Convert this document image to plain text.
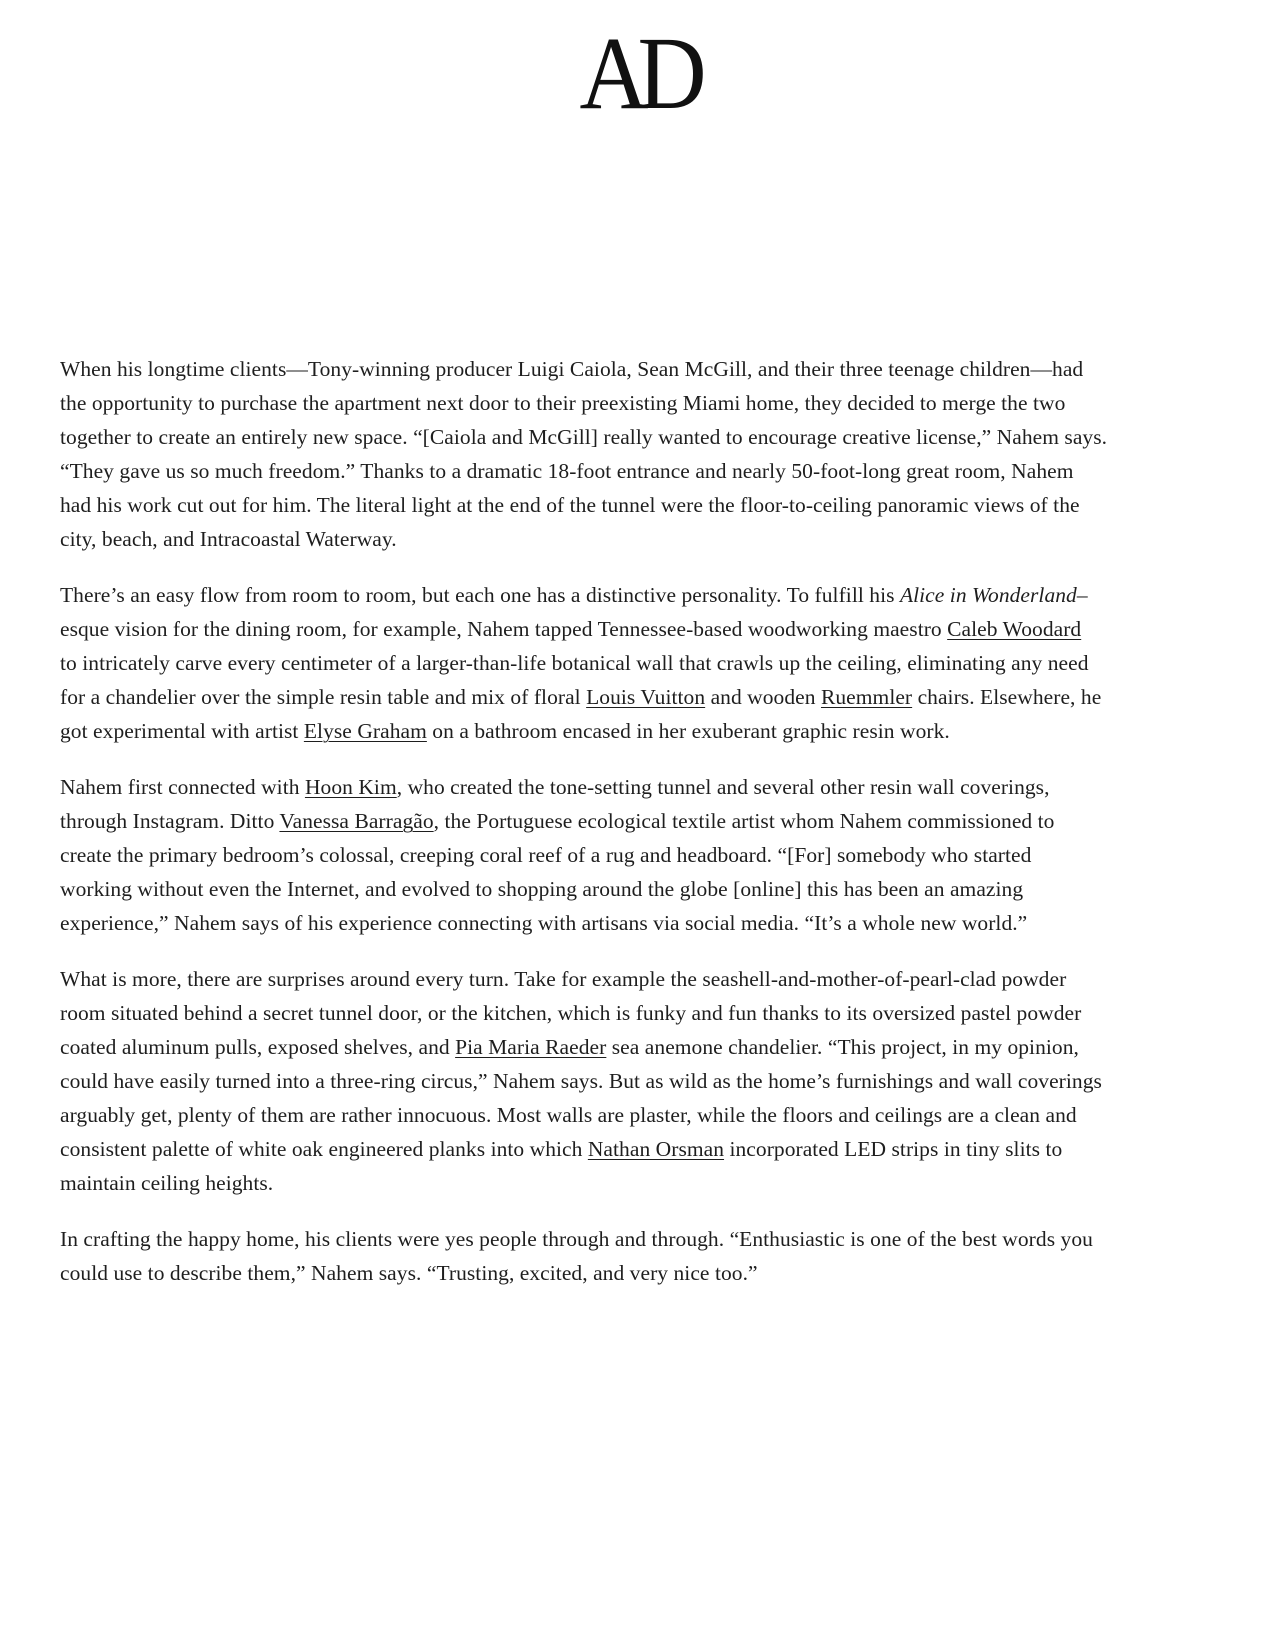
AD

When his longtime clients—Tony-winning producer Luigi Caiola, Sean McGill, and their three teenage children—had
the opportunity to purchase the apartment next door to their preexisting Miami home, they decided to merge the two
together to create an entirely new space. “[Caiola and McGill] really wanted to encourage creative license,” Nahem says.
“They gave us so much freedom.” Thanks to a dramatic 18-foot entrance and nearly 50-foot-long great room, Nahem
had his work cut out for him. The literal light at the end of the tunnel were the floor-to-ceiling panoramic views of the
city, beach, and Intracoastal Waterway.

There’s an easy flow from room to room, but each one has a distinctive personality. To fulfill his Alice in Wonderland–
esque vision for the dining room, for example, Nahem tapped Tennessee-based woodworking maestro Caleb Woodard
to intricately carve every centimeter of a larger-than-life botanical wall that crawls up the ceiling, eliminating any need
for a chandelier over the simple resin table and mix of floral Louis Vuitton and wooden Ruemmler chairs. Elsewhere, he
got experimental with artist Elyse Graham on a bathroom encased in her exuberant graphic resin work.

Nahem first connected with Hoon Kim, who created the tone-setting tunnel and several other resin wall coverings,
through Instagram. Ditto Vanessa Barragão, the Portuguese ecological textile artist whom Nahem commissioned to
create the primary bedroom’s colossal, creeping coral reef of a rug and headboard. “[For] somebody who started
working without even the Internet, and evolved to shopping around the globe [online] this has been an amazing
experience,” Nahem says of his experience connecting with artisans via social media. “It’s a whole new world.”

What is more, there are surprises around every turn. Take for example the seashell-and-mother-of-pearl-clad powder
room situated behind a secret tunnel door, or the kitchen, which is funky and fun thanks to its oversized pastel powder
coated aluminum pulls, exposed shelves, and Pia Maria Raeder sea anemone chandelier. “This project, in my opinion,
could have easily turned into a three-ring circus,” Nahem says. But as wild as the home’s furnishings and wall coverings
arguably get, plenty of them are rather innocuous. Most walls are plaster, while the floors and ceilings are a clean and
consistent palette of white oak engineered planks into which Nathan Orsman incorporated LED strips in tiny slits to
maintain ceiling heights.

In crafting the happy home, his clients were yes people through and through. “Enthusiastic is one of the best words you
could use to describe them,” Nahem says. “Trusting, excited, and very nice too.”
